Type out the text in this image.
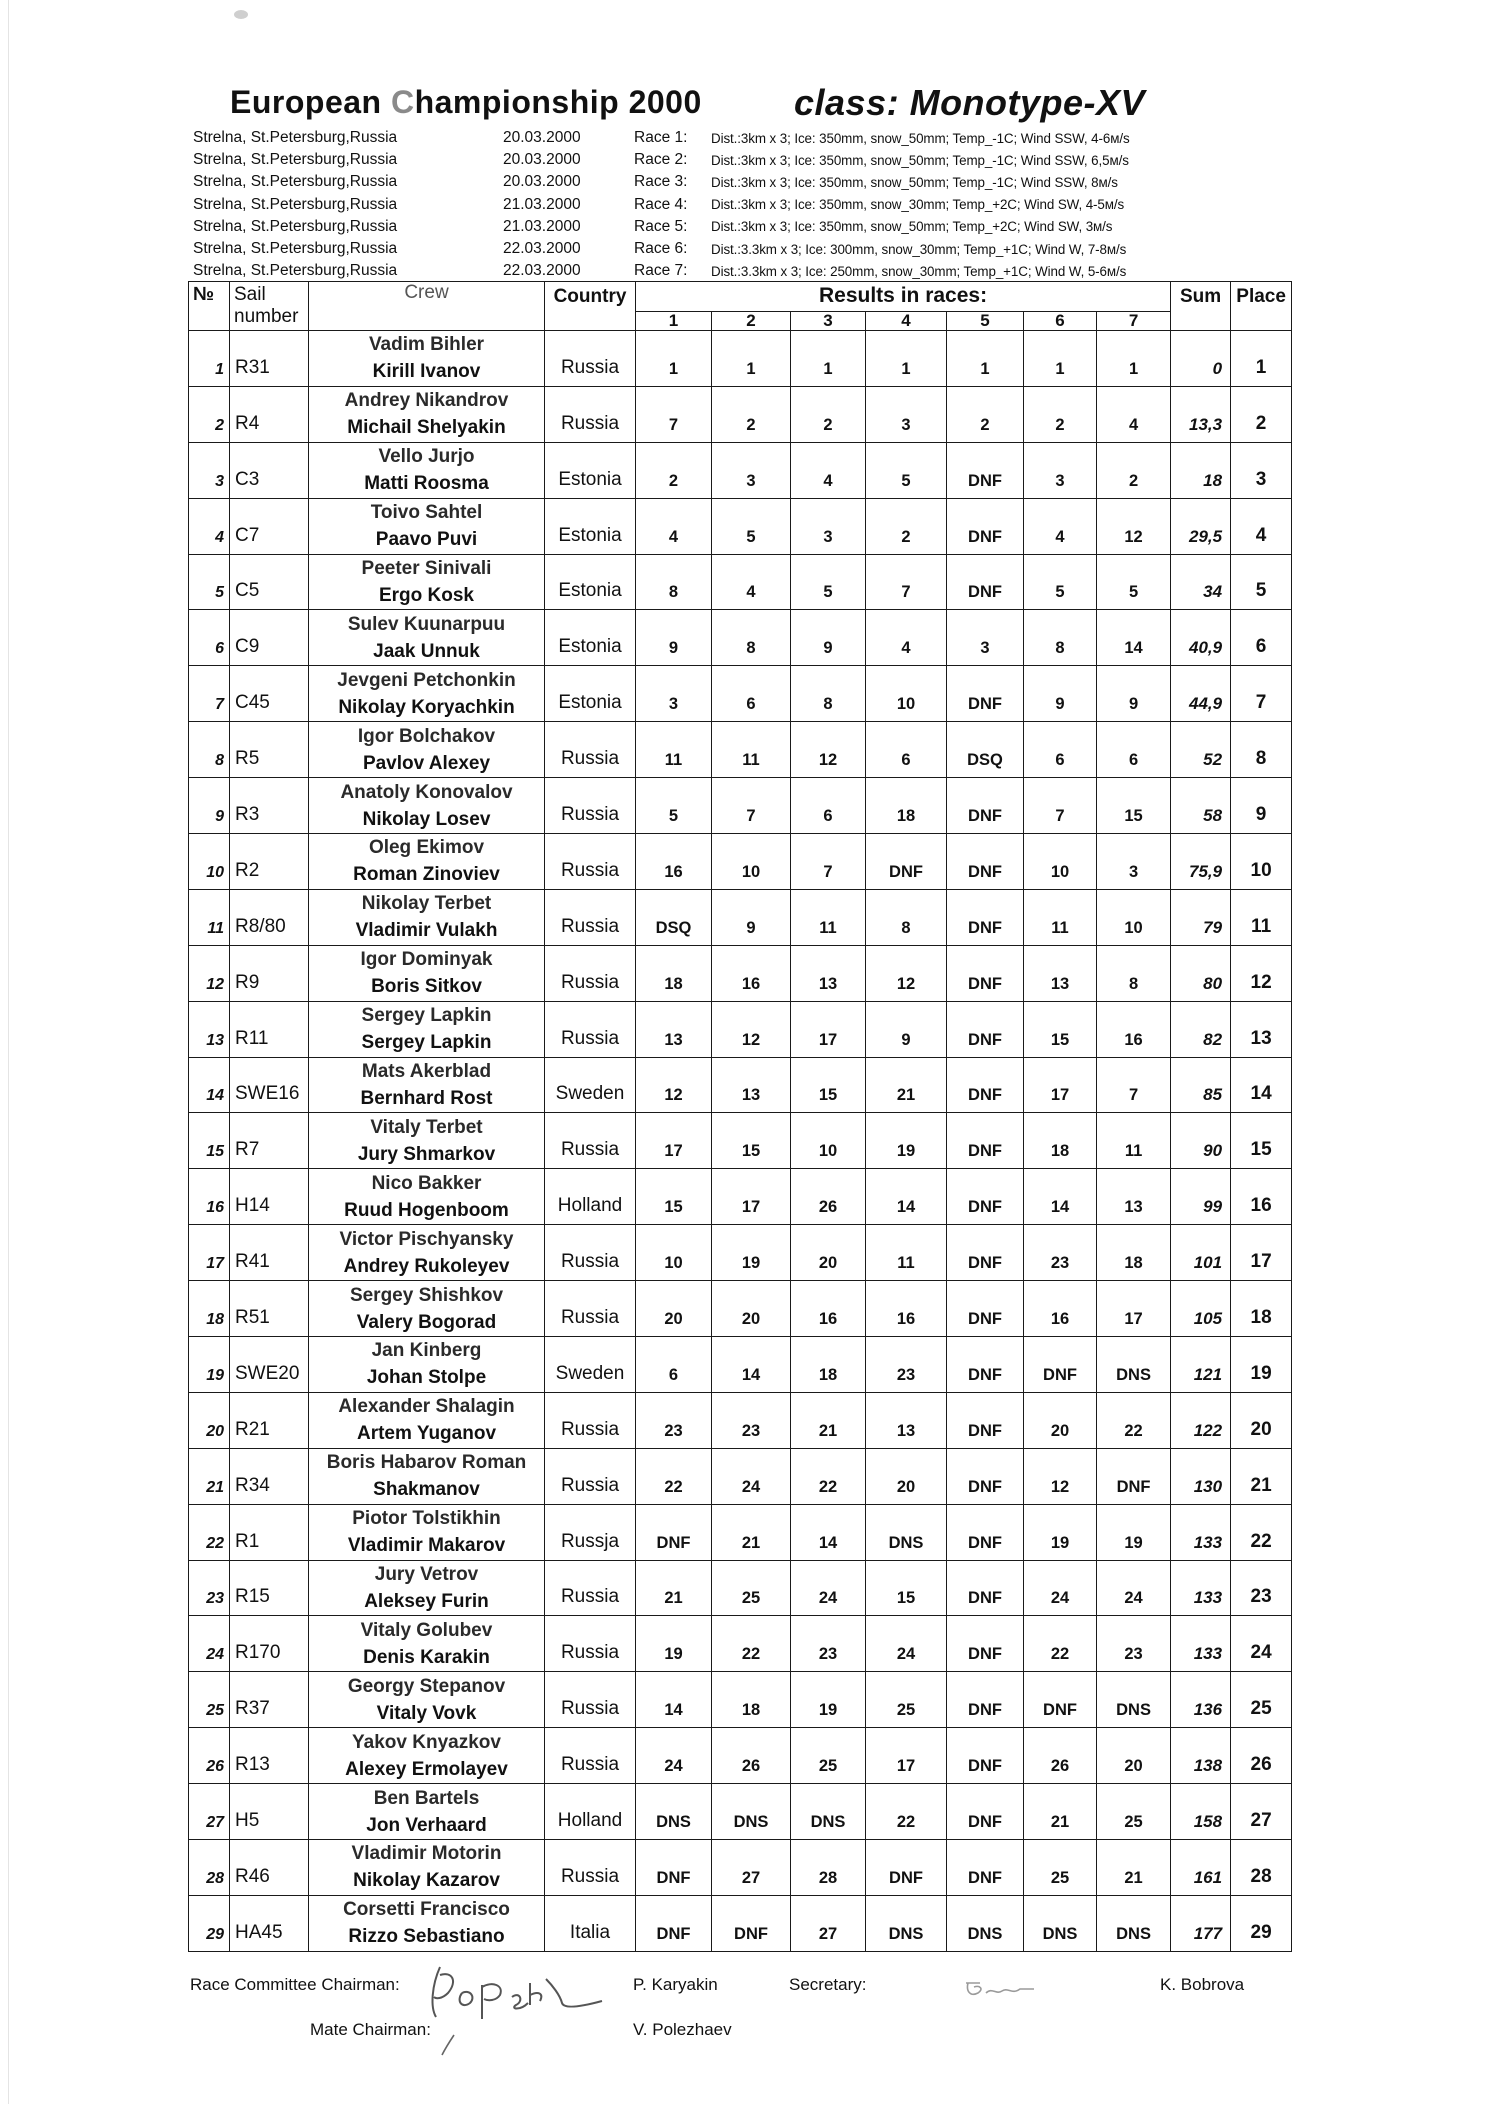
European Championship 2000	class: Monotype-XV
Strelna, St.Petersburg,Russia	20.03.2000
Strelna, St.Petersburg,Russia	20.03.2000
Strelna, St.Petersburg,Russia	20.03.2000
Strelna, St.Petersburg,Russia	21.03.2000
Strelna, St.Petersburg,Russia	21.03.2000
Strelna, St.Petersburg,Russia	22.03.2000
Strelna, St.Petersburg,Russia	22.03.2000
Race 1:	Dist.:3km x 3; Ice: 350mm, snow_50mm; Temp_-1C; Wind SSW, 4-6м/s
Race 2:	Dist.:3km x 3; Ice: 350mm, snow_50mm; Temp_-1C; Wind SSW, 6,5м/s
Race 3:	Dist.:3km x 3; Ice: 350mm, snow_50mm; Temp_-1C; Wind SSW, 8м/s
Race 4:	Dist.:3km x 3; Ice: 350mm, snow_30mm; Temp_+2C; Wind SW, 4-5м/s
Race 5:	Dist.:3km x 3; Ice: 350mm, snow_50mm; Temp_+2C; Wind SW, 3м/s
Race 6:	Dist.:3.3km x 3; Ice: 300mm, snow_30mm; Temp_+1C; Wind W, 7-8м/s
Race 7:	Dist.:3.3km x 3; Ice: 250mm, snow_30mm; Temp_+1C; Wind W, 5-6м/s
№	Sail number	Crew	Country	Results in races:							Sum	Place
				1	2	3	4	5	6	7		
1	R31	Vadim Bihler
Kirill Ivanov	Russia	1	1	1	1	1	1	1	0	1
2	R4	Andrey Nikandrov
Michail Shelyakin	Russia	7	2	2	3	2	2	4	13,3	2
3	C3	Vello Jurjo
Matti Roosma	Estonia	2	3	4	5	DNF	3	2	18	3
4	C7	Toivo Sahtel
Paavo Puvi	Estonia	4	5	3	2	DNF	4	12	29,5	4
5	C5	Peeter Sinivali
Ergo Kosk	Estonia	8	4	5	7	DNF	5	5	34	5
6	C9	Sulev Kuunarpuu
Jaak Unnuk	Estonia	9	8	9	4	3	8	14	40,9	6
7	C45	Jevgeni Petchonkin
Nikolay Koryachkin	Estonia	3	6	8	10	DNF	9	9	44,9	7
8	R5	Igor Bolchakov
Pavlov Alexey	Russia	11	11	12	6	DSQ	6	6	52	8
9	R3	Anatoly Konovalov
Nikolay Losev	Russia	5	7	6	18	DNF	7	15	58	9
10	R2	Oleg Ekimov
Roman Zinoviev	Russia	16	10	7	DNF	DNF	10	3	75,9	10
11	R8/80	Nikolay Terbet
Vladimir Vulakh	Russia	DSQ	9	11	8	DNF	11	10	79	11
12	R9	Igor Dominyak
Boris Sitkov	Russia	18	16	13	12	DNF	13	8	80	12
13	R11	Sergey Lapkin
Sergey Lapkin	Russia	13	12	17	9	DNF	15	16	82	13
14	SWE16	Mats Akerblad
Bernhard Rost	Sweden	12	13	15	21	DNF	17	7	85	14
15	R7	Vitaly Terbet
Jury Shmarkov	Russia	17	15	10	19	DNF	18	11	90	15
16	H14	Nico Bakker
Ruud Hogenboom	Holland	15	17	26	14	DNF	14	13	99	16
17	R41	Victor Pischyansky
Andrey Rukoleyev	Russia	10	19	20	11	DNF	23	18	101	17
18	R51	Sergey Shishkov
Valery Bogorad	Russia	20	20	16	16	DNF	16	17	105	18
19	SWE20	Jan Kinberg
Johan Stolpe	Sweden	6	14	18	23	DNF	DNF	DNS	121	19
20	R21	Alexander Shalagin
Artem Yuganov	Russia	23	23	21	13	DNF	20	22	122	20
21	R34	Boris Habarov Roman
Shakmanov	Russia	22	24	22	20	DNF	12	DNF	130	21
22	R1	Piotor Tolstikhin
Vladimir Makarov	Russja	DNF	21	14	DNS	DNF	19	19	133	22
23	R15	Jury Vetrov
Aleksey Furin	Russia	21	25	24	15	DNF	24	24	133	23
24	R170	Vitaly Golubev
Denis Karakin	Russia	19	22	23	24	DNF	22	23	133	24
25	R37	Georgy Stepanov
Vitaly Vovk	Russia	14	18	19	25	DNF	DNF	DNS	136	25
26	R13	Yakov Knyazkov
Alexey Ermolayev	Russia	24	26	25	17	DNF	26	20	138	26
27	H5	Ben Bartels
Jon Verhaard	Holland	DNS	DNS	DNS	22	DNF	21	25	158	27
28	R46	Vladimir Motorin
Nikolay Kazarov	Russia	DNF	27	28	DNF	DNF	25	21	161	28
29	HA45	Corsetti Francisco
Rizzo Sebastiano	Italia	DNF	DNF	27	DNS	DNS	DNS	DNS	177	29
Race Committee Chairman:	P. Karyakin	Secretary:	K. Bobrova
Mate Chairman:	V. Polezhaev
